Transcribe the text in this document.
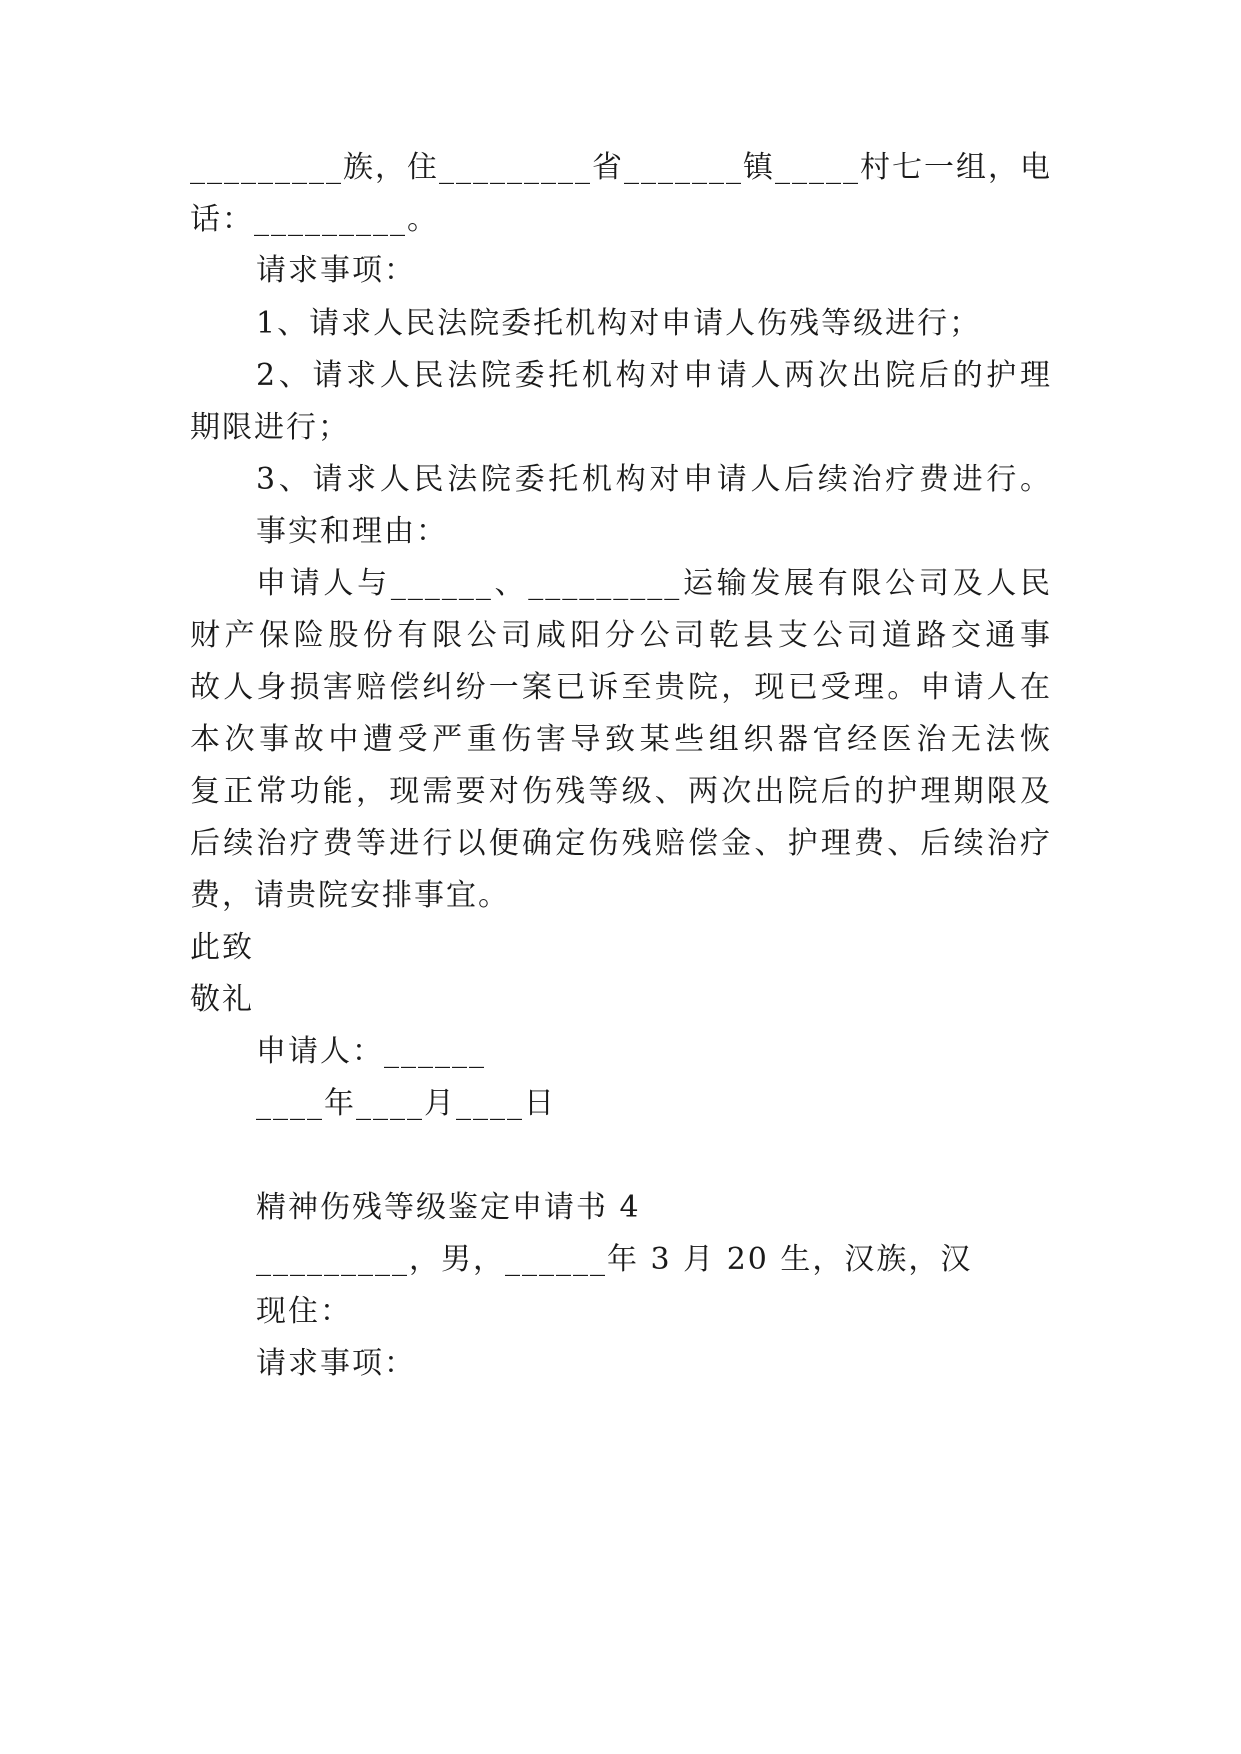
_________族，住_________省_______镇_____村七一组，电
话：_________。
请求事项：
1、请求人民法院委托机构对申请人伤残等级进行；
2、请求人民法院委托机构对申请人两次出院后的护理
期限进行；
3、请求人民法院委托机构对申请人后续治疗费进行。
事实和理由：
申请人与______、_________运输发展有限公司及人民
财产保险股份有限公司咸阳分公司乾县支公司道路交通事
故人身损害赔偿纠纷一案已诉至贵院，现已受理。申请人在
本次事故中遭受严重伤害导致某些组织器官经医治无法恢
复正常功能，现需要对伤残等级、两次出院后的护理期限及
后续治疗费等进行以便确定伤残赔偿金、护理费、后续治疗
费，请贵院安排事宜。
此致
敬礼
申请人：______
____年____月____日
精神伤残等级鉴定申请书 4
_________，男，______年 3 月 20 生，汉族，汉
现住：
请求事项：
